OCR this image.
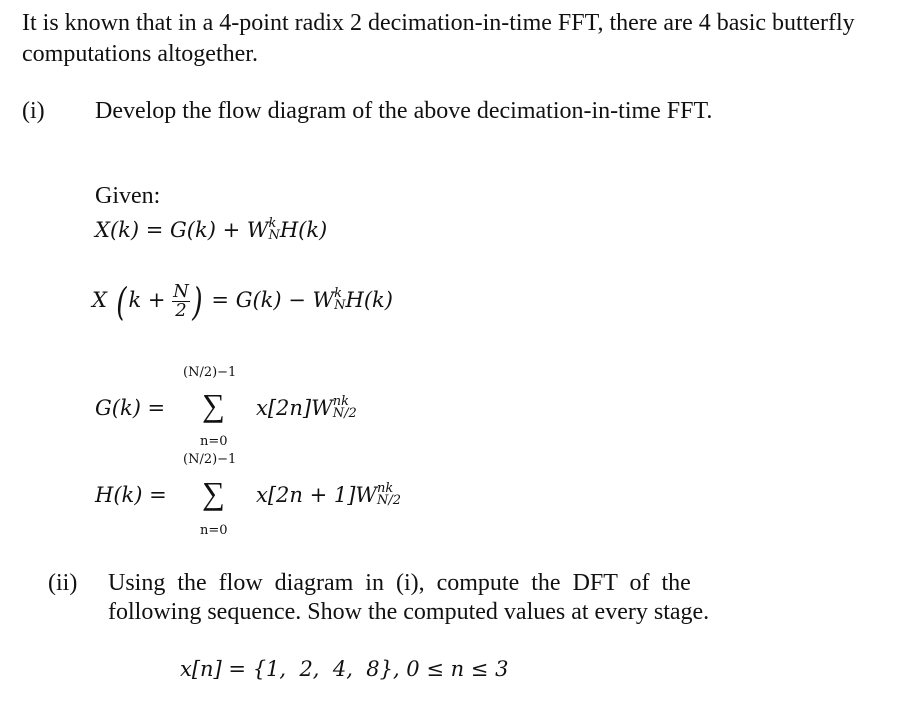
It is known that in a 4-point radix 2 decimation-in-time FFT, there are 4 basic butterfly computations altogether.
(i) Develop the flow diagram of the above decimation-in-time FFT.
Given:
X(k) = G(k) + W k
N H(k)
X ( $k + \frac{N}{2}$ ) = G(k) − W k
N H(k)
(N/2)−1
G(k) = ∑ x[2n]W nk
N/2
n=0
(N/2)−1
H(k) = ∑ x[2n + 1]W nk
N/2
n=0
(ii) Using  the  flow  diagram  in  (i),  compute  the  DFT  of  the
following sequence. Show the computed values at every stage.
x[n] = {1,  2,  4,  8}, 0 ≤ n ≤ 3
